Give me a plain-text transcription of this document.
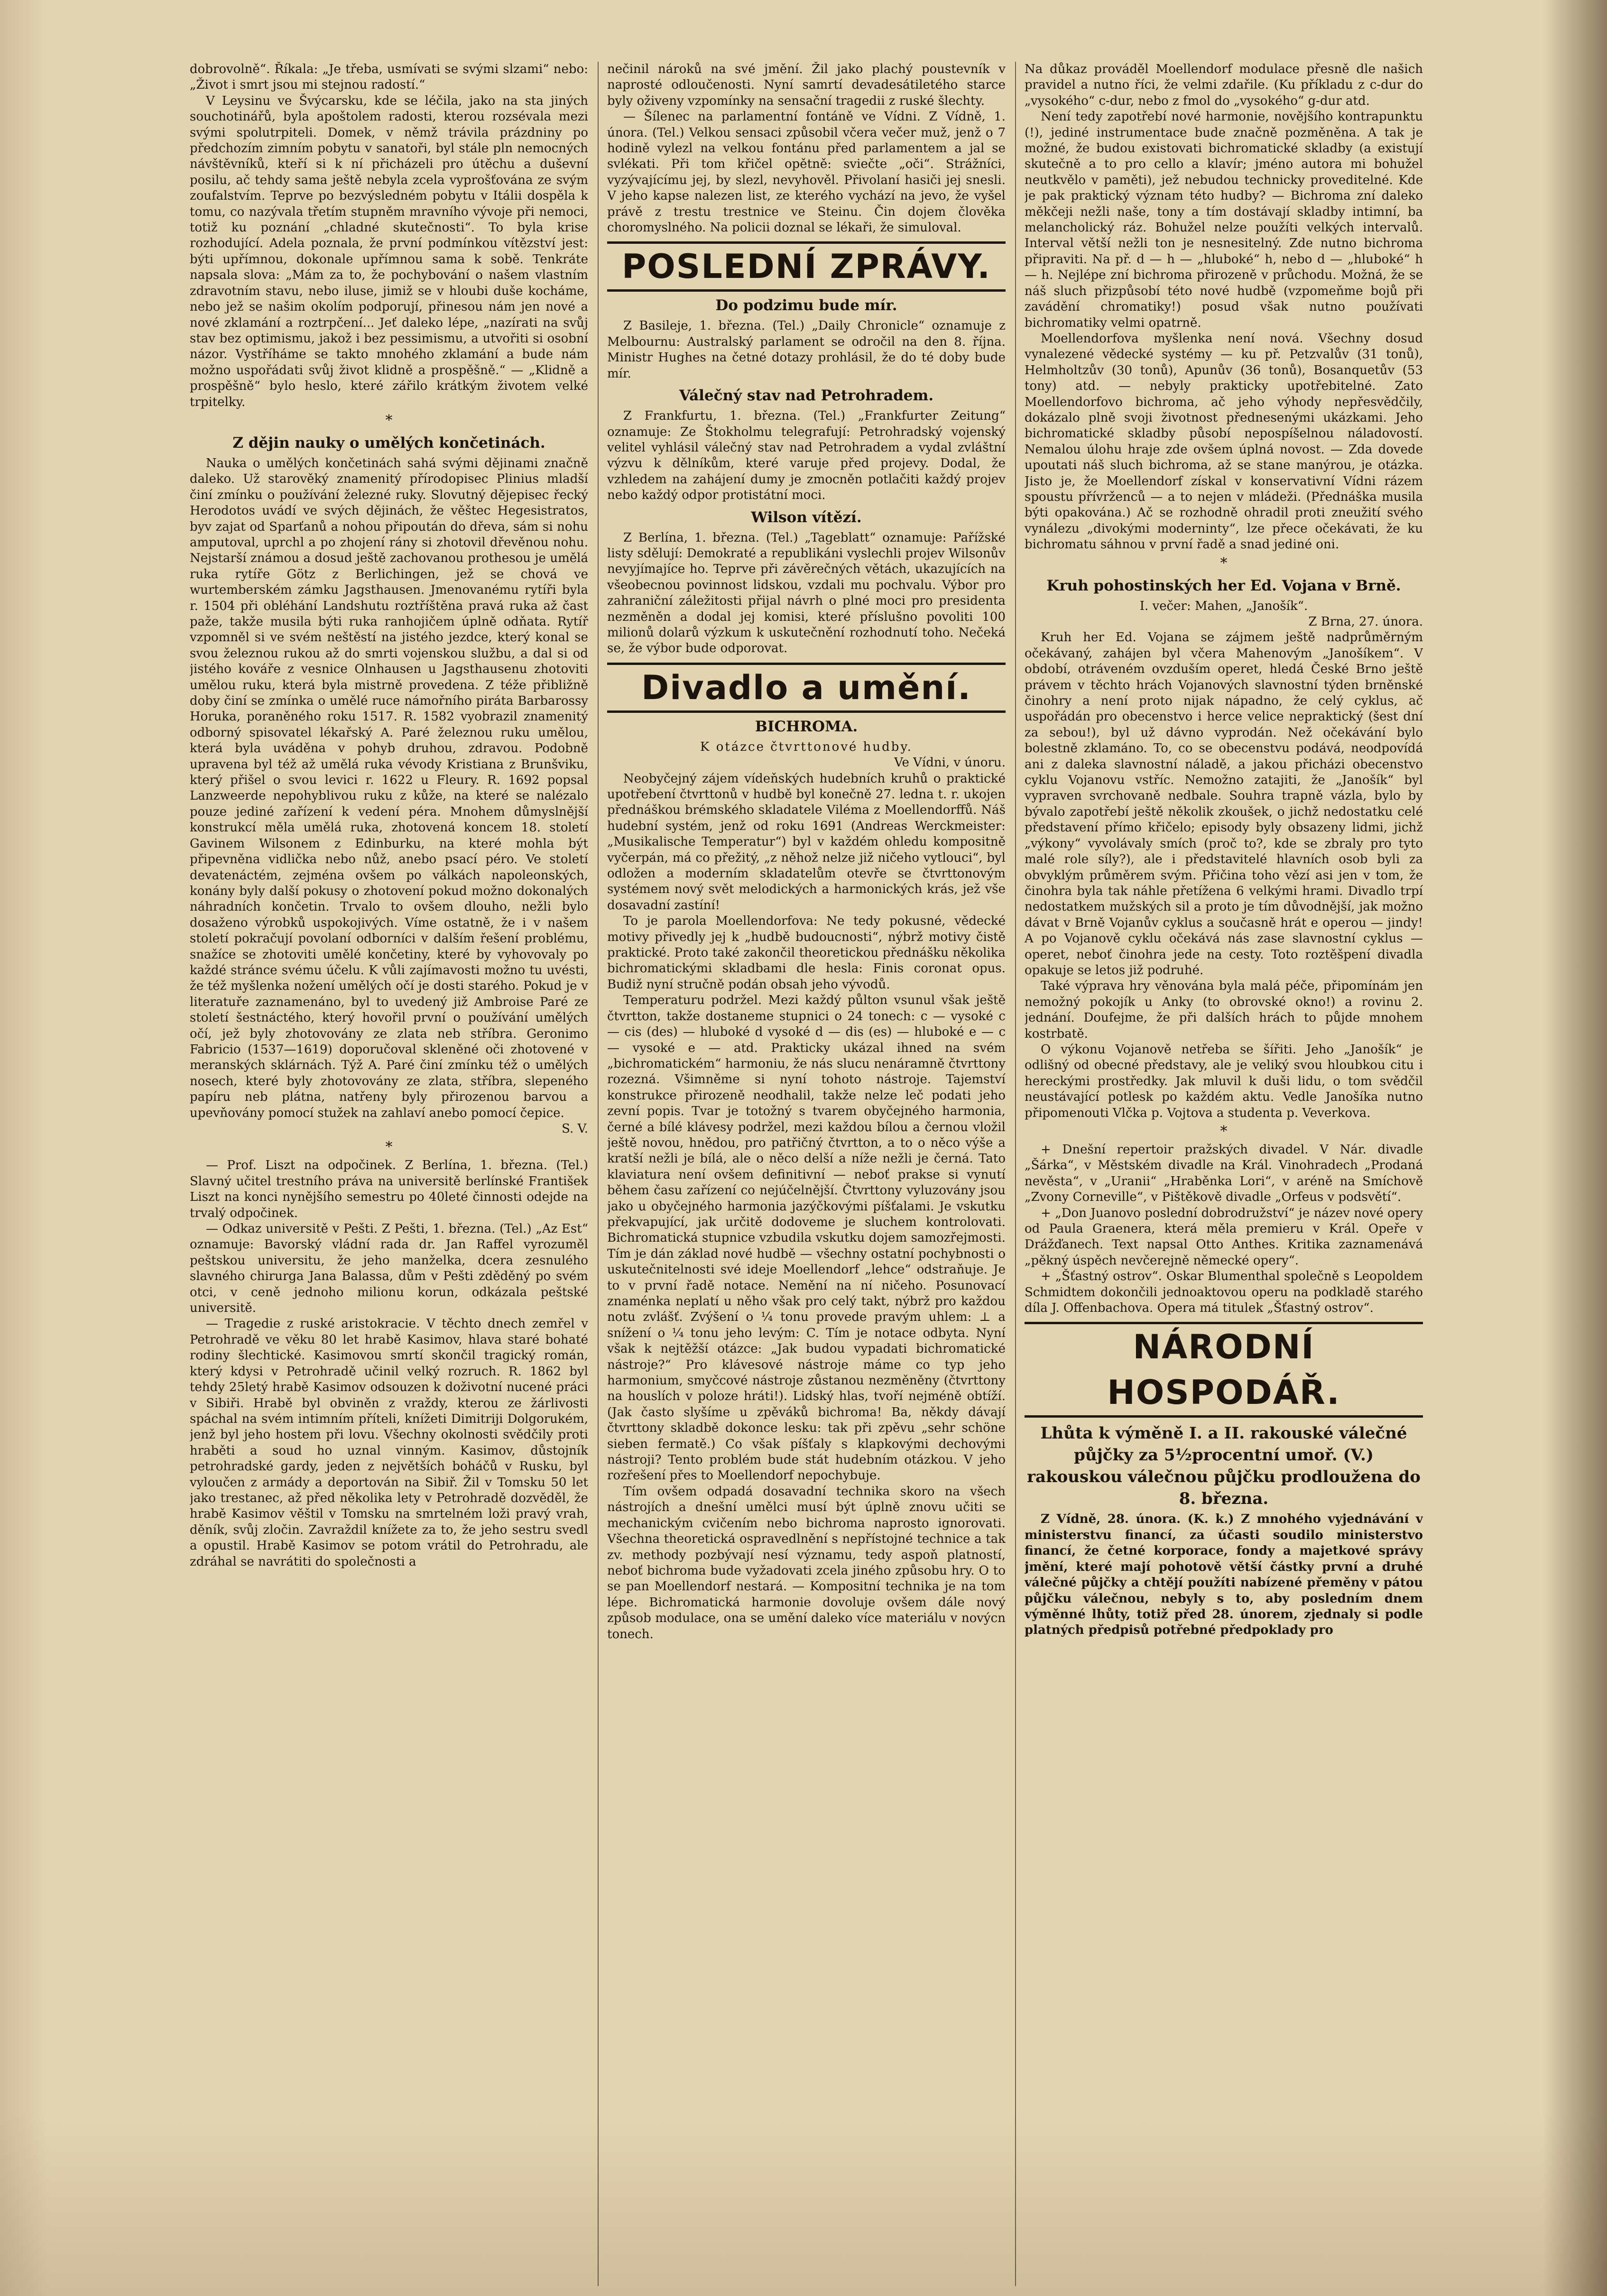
dobrovolně“. Říkala: „Je třeba, usmívati se svými slzami“ nebo: „Život i smrt jsou mi stejnou radostí.“

V Leysinu ve Švýcarsku, kde se léčila, jako na sta jiných souchotinářů, byla apoštolem radosti, kterou rozsévala mezi svými spolutrpiteli. Domek, v němž trávila prázdniny po předchozím zimním pobytu v sanatoři, byl stále pln nemocných návštěvníků, kteří si k ní přicházeli pro útěchu a duševní posilu, ač tehdy sama ještě nebyla zcela vyprošťována ze svým zoufalstvím. Teprve po bezvýsledném pobytu v Itálii dospěla k tomu, co nazývala třetím stupněm mravního vývoje při nemoci, totiž ku poznání „chladné skutečnosti“. To byla krise rozhodující. Adela poznala, že první podmínkou vítězství jest: býti upřímnou, dokonale upřímnou sama k sobě. Tenkráte napsala slova: „Mám za to, že pochybování o našem vlastním zdravotním stavu, nebo iluse, jimiž se v hloubi duše kocháme, nebo jež se našim okolím podporují, přinesou nám jen nové a nové zklamání a roztrpčení... Jeť daleko lépe, „nazírati na svůj stav bez optimismu, jakož i bez pessimismu, a utvořiti si osobní názor. Vystříháme se takto mnohého zklamání a bude nám možno uspořádati svůj život klidně a prospěšně.“ — „Klidně a prospěšně“ bylo heslo, které zářilo krátkým životem velké trpitelky.

*
Z dějin nauky o umělých končetinách.

Nauka o umělých končetinách sahá svými dějinami značně daleko. Už starověký znamenitý přírodopisec Plinius mladší činí zmínku o používání železné ruky. Slovutný dějepisec řecký Herodotos uvádí ve svých dějinách, že věštec Hegesistratos, byv zajat od Sparťanů a nohou připoután do dřeva, sám si nohu amputoval, uprchl a po zhojení rány si zhotovil dřevěnou nohu. Nejstarší známou a dosud ještě zachovanou prothesou je umělá ruka rytíře Götz z Berlichingen, jež se chová ve wurtemberském zámku Jagsthausen. Jmenovanému rytíři byla r. 1504 při obléhání Landshutu roztříštěna pravá ruka až čast paže, takže musila býti ruka ranhojičem úplně odňata. Rytíř vzpomněl si ve svém neštěstí na jistého jezdce, který konal se svou železnou rukou až do smrti vojenskou službu, a dal si od jistého kováře z vesnice Olnhausen u Jagsthausenu zhotoviti umělou ruku, která byla mistrně provedena. Z téže přibližně doby činí se zmínka o umělé ruce námořního piráta Barbarossy Horuka, poraněného roku 1517. R. 1582 vyobrazil znamenitý odborný spisovatel lékařský A. Paré železnou ruku umělou, která byla uváděna v pohyb druhou, zdravou. Podobně upravena byl též až umělá ruka vévody Kristiana z Brunšviku, který přišel o svou levici r. 1622 u Fleury. R. 1692 popsal Lanzweerde nepohyblivou ruku z kůže, na které se nalézalo pouze jediné zařízení k vedení péra. Mnohem důmyslnější konstrukcí měla umělá ruka, zhotovená koncem 18. století Gavinem Wilsonem z Edinburku, na které mohla být připevněna vidlička nebo nůž, anebo psací péro. Ve století devatenáctém, zejména ovšem po válkách napoleonských, konány byly další pokusy o zhotovení pokud možno dokonalých náhradních končetin. Trvalo to ovšem dlouho, nežli bylo dosaženo výrobků uspokojivých. Víme ostatně, že i v našem století pokračují povolaní odborníci v dalším řešení problému, snažíce se zhotoviti umělé končetiny, které by vyhovovaly po každé stránce svému účelu. K vůli zajímavosti možno tu uvésti, že též myšlenka nožení umělých očí je dosti starého. Pokud je v literatuře zaznamenáno, byl to uvedený již Ambroise Paré ze století šestnáctého, který hovořil první o používání umělých očí, jež byly zhotovovány ze zlata neb stříbra. Geronimo Fabricio (1537—1619) doporučoval skleněné oči zhotovené v meranských sklárnách. Týž A. Paré činí zmínku též o umělých nosech, které byly zhotovovány ze zlata, stříbra, slepeného papíru neb plátna, natřeny byly přirozenou barvou a upevňovány pomocí stužek na zahlaví anebo pomocí čepice.

S. V.

*

— Prof. Liszt na odpočinek. Z Berlína, 1. března. (Tel.) Slavný učitel trestního práva na universitě berlínské František Liszt na konci nynějšího semestru po 40leté činnosti odejde na trvalý odpočinek.

— Odkaz universitě v Pešti. Z Pešti, 1. března. (Tel.) „Az Est“ oznamuje: Bavorský vládní rada dr. Jan Raffel vyrozuměl peštskou universitu, že jeho manželka, dcera zesnulého slavného chirurga Jana Balassa, dům v Pešti zděděný po svém otci, v ceně jednoho milionu korun, odkázala peštské universitě.

— Tragedie z ruské aristokracie. V těchto dnech zemřel v Petrohradě ve věku 80 let hrabě Kasimov, hlava staré bohaté rodiny šlechtické. Kasimovou smrtí skončil tragický román, který kdysi v Petrohradě učinil velký rozruch. R. 1862 byl tehdy 25letý hrabě Kasimov odsouzen k doživotní nucené práci v Sibiři. Hrabě byl obviněn z vraždy, kterou ze žárlivosti spáchal na svém intimním příteli, knížeti Dimitriji Dolgorukém, jenž byl jeho hostem při lovu. Všechny okolnosti svědčily proti hraběti a soud ho uznal vinným. Kasimov, důstojník petrohradské gardy, jeden z největších boháčů v Rusku, byl vyloučen z armády a deportován na Sibiř. Žil v Tomsku 50 let jako trestanec, až před několika lety v Petrohradě dozvěděl, že hrabě Kasimov věštil v Tomsku na smrtelném loži pravý vrah, děník, svůj zločin. Zavraždil knížete za to, že jeho sestru svedl a opustil. Hrabě Kasimov se potom vrátil do Petrohradu, ale zdráhal se navrátiti do společnosti a

nečinil nároků na své jmění. Žil jako plachý poustevník v naprosté odloučenosti. Nyní samrtí devadesátiletého starce byly oživeny vzpomínky na sensační tragedii z ruské šlechty.

— Šílenec na parlamentní fontáně ve Vídni. Z Vídně, 1. února. (Tel.) Velkou sensaci způsobil včera večer muž, jenž o 7 hodině vylezl na velkou fontánu před parlamentem a jal se svlékati. Při tom křičel opětně: sviečte „oči“. Strážníci, vyzývajícímu jej, by slezl, nevyhověl. Přivolaní hasiči jej snesli. V jeho kapse nalezen list, ze kterého vychází na jevo, že vyšel právě z trestu trestnice ve Steinu. Čin dojem člověka choromyslného. Na policii doznal se lékaři, že simuloval.

POSLEDNÍ ZPRÁVY.
Do podzimu bude mír.

Z Basileje, 1. března. (Tel.) „Daily Chronicle“ oznamuje z Melbournu: Australský parlament se odročil na den 8. října. Ministr Hughes na četné dotazy prohlásil, že do té doby bude mír.

Válečný stav nad Petrohradem.

Z Frankfurtu, 1. března. (Tel.) „Frankfurter Zeitung“ oznamuje: Ze Štokholmu telegrafují: Petrohradský vojenský velitel vyhlásil válečný stav nad Petrohradem a vydal zvláštní výzvu k dělníkům, které varuje před projevy. Dodal, že vzhledem na zahájení dumy je zmocněn potlačiti každý projev nebo každý odpor protistátní moci.

Wilson vítězí.

Z Berlína, 1. března. (Tel.) „Tageblatt“ oznamuje: Pařížské listy sdělují: Demokraté a republikáni vyslechli projev Wilsonův nevyjímajíce ho. Teprve při závěrečných větách, ukazujících na všeobecnou povinnost lidskou, vzdali mu pochvalu. Výbor pro zahraniční záležitosti přijal návrh o plné moci pro presidenta nezměněn a dodal jej komisi, které příslušno povoliti 100 milionů dolarů výzkum k uskutečnění rozhodnutí toho. Nečeká se, že výbor bude odporovat.

Divadlo a umění.
BICHROMA.

K otázce čtvrttonové hudby.

Ve Vídni, v únoru.

Neobyčejný zájem vídeňských hudebních kruhů o praktické upotřebení čtvrttonů v hudbě byl konečně 27. ledna t. r. ukojen přednáškou brémského skladatele Viléma z Moellendorffů. Náš hudební systém, jenž od roku 1691 (Andreas Werckmeister: „Musikalische Temperatur“) byl v každém ohledu kompositně vyčerpán, má co přežitý, „z něhož nelze již ničeho vytlouci“, byl odložen a moderním skladatelům otevře se čtvrttonovým systémem nový svět melodických a harmonických krás, jež vše dosavadní zastíní!

To je parola Moellendorfova: Ne tedy pokusné, vědecké motivy přivedly jej k „hudbě budoucnosti“, nýbrž motivy čistě praktické. Proto také zakončil theoretickou přednášku několika bichromatickými skladbami dle hesla: Finis coronat opus. Budiž nyní stručně podán obsah jeho vývodů.

Temperaturu podržel. Mezi každý půlton vsunul však ještě čtvrtton, takže dostaneme stupnici o 24 tonech: c — vysoké c — cis (des) — hluboké d vysoké d — dis (es) — hluboké e — c — vysoké e — atd. Prakticky ukázal ihned na svém „bichromatickém“ harmoniu, že nás slucu nenáramně čtvrttony rozezná. Všimněme si nyní tohoto nástroje. Tajemství konstrukce přirozeně neodhalil, takže nelze leč podati jeho zevní popis. Tvar je totožný s tvarem obyčejného harmonia, černé a bílé klávesy podržel, mezi každou bílou a černou vložil ještě novou, hnědou, pro patřičný čtvrtton, a to o něco výše a kratší nežli je bílá, ale o něco delší a níže nežli je černá. Tato klaviatura není ovšem definitivní — neboť prakse si vynutí během času zařízení co nejúčelnější. Čtvrttony vyluzovány jsou jako u obyčejného harmonia jazýčkovými píšťalami. Je vskutku překvapující, jak určitě dodoveme je sluchem kontrolovati. Bichromatická stupnice vzbudila vskutku dojem samozřejmosti. Tím je dán základ nové hudbě — všechny ostatní pochybnosti o uskutečnitelnosti své ideje Moellendorf „lehce“ odstraňuje. Je to v první řadě notace. Nemění na ní ničeho. Posunovací znaménka neplatí u něho však pro celý takt, nýbrž pro každou notu zvlášť. Zvýšení o ¼ tonu provede pravým uhlem: ⊥ a snížení o ¼ tonu jeho levým: C. Tím je notace odbyta. Nyní však k nejtěžší otázce: „Jak budou vypadati bichromatické nástroje?“ Pro klávesové nástroje máme co typ jeho harmonium, smyčcové nástroje zůstanou nezměněny (čtvrttony na houslích v poloze hráti!). Lidský hlas, tvoří nejméně obtíží. (Jak často slyšíme u zpěváků bichroma! Ba, někdy dávají čtvrttony skladbě dokonce lesku: tak při zpěvu „sehr schöne sieben fermatě.) Co však píšťaly s klapkovými dechovými nástroji? Tento problém bude stát hudebním otázkou. V jeho rozřešení přes to Moellendorf nepochybuje.

Tím ovšem odpadá dosavadní technika skoro na všech nástrojích a dnešní umělci musí být úplně znovu učiti se mechanickým cvičením nebo bichroma naprosto ignorovati. Všechna theoretická ospravedlnění s nepřístojné technice a tak zv. methody pozbývají nesí významu, tedy aspoň platností, neboť bichroma bude vyžadovati zcela jiného způsobu hry. O to se pan Moellendorf nestará. — Kompositní technika je na tom lépe. Bichromatická harmonie dovoluje ovšem dále nový způsob modulace, ona se umění daleko více materiálu v novýcn tonech.

Na důkaz prováděl Moellendorf modulace přesně dle našich pravidel a nutno říci, že velmi zdařile. (Ku příkladu z c-dur do „vysokého“ c-dur, nebo z fmol do „vysokého“ g-dur atd.

Není tedy zapotřebí nové harmonie, novějšího kontrapunktu (!), jediné instrumentace bude značně pozměněna. A tak je možné, že budou existovati bichromatické skladby (a existují skutečně a to pro cello a klavír; jméno autora mi bohužel neutkvělo v paměti), jež nebudou technicky proveditelné. Kde je pak praktický význam této hudby? — Bichroma zní daleko měkčeji nežli naše, tony a tím dostávají skladby intimní, ba melancholický ráz. Bohužel nelze použíti velkých intervalů. Interval větší nežli ton je nesnesitelný. Zde nutno bichroma připraviti. Na př. d — h — „hluboké“ h, nebo d — „hluboké“ h — h. Nejlépe zní bichroma přirozeně v průchodu. Možná, že se náš sluch přizpůsobí této nové hudbě (vzpomeňme bojů při zavádění chromatiky!) posud však nutno používati bichromatiky velmi opatrně.

Moellendorfova myšlenka není nová. Všechny dosud vynalezené vědecké systémy — ku př. Petzvalův (31 tonů), Helmholtzův (30 tonů), Apunův (36 tonů), Bosanquetův (53 tony) atd. — nebyly prakticky upotřebitelné. Zato Moellendorfovo bichroma, ač jeho výhody nepřesvědčily, dokázalo plně svoji životnost přednesenými ukázkami. Jeho bichromatické skladby působí nepospíšelnou náladovostí. Nemalou úlohu hraje zde ovšem úplná novost. — Zda dovede upoutati náš sluch bichroma, až se stane manýrou, je otázka. Jisto je, že Moellendorf získal v konservativní Vídni rázem spoustu přívrženců — a to nejen v mládeži. (Přednáška musila býti opakována.) Ač se rozhodně ohradil proti zneužití svého vynálezu „divokými moderninty“, lze přece očekávati, že ku bichromatu sáhnou v první řadě a snad jediné oni.

*
Kruh pohostinských her Ed. Vojana v Brně.

I. večer: Mahen, „Janošík“.

Z Brna, 27. února.

Kruh her Ed. Vojana se zájmem ještě nadprůměrným očekávaný, zahájen byl včera Mahenovým „Janošíkem“. V období, otráveném ovzduším operet, hledá České Brno ještě právem v těchto hrách Vojanových slavnostní týden brněnské činohry a není proto nijak nápadno, že celý cyklus, ač uspořádán pro obecenstvo i herce velice nepraktický (šest dní za sebou!), byl už dávno vyprodán. Než očekávání bylo bolestně zklamáno. To, co se obecenstvu podává, neodpovídá ani z daleka slavnostní náladě, a jakou přicházi obecenstvo cyklu Vojanovu vstříc. Nemožno zatajiti, že „Janošík“ byl vypraven svrchovaně nedbale. Souhra trapně vázla, bylo by bývalo zapotřebí ještě několik zkoušek, o jichž nedostatku celé představení přímo křičelo; episody byly obsazeny lidmi, jichž „výkony“ vyvolávaly smích (proč to?, kde se zbraly pro tyto malé role síly?), ale i představitelé hlavních osob byli za obvyklým průměrem svým. Přičina toho vězí asi jen v tom, že činohra byla tak náhle přetížena 6 velkými hrami. Divadlo trpí nedostatkem mužských sil a proto je tím důvodnější, jak možno dávat v Brně Vojanův cyklus a současně hrát e operou — jindy! A po Vojanově cyklu očekává nás zase slavnostní cyklus — operet, neboť činohra jede na cesty. Toto roztěšpení divadla opakuje se letos již podruhé.

Také výprava hry věnována byla malá péče, připomínám jen nemožný pokojík u Anky (to obrovské okno!) a rovinu 2. jednání. Doufejme, že při dalších hrách to půjde mnohem kostrbatě.

O výkonu Vojanově netřeba se šířiti. Jeho „Janošík“ je odlišný od obecné představy, ale je veliký svou hloubkou citu i hereckými prostředky. Jak mluvil k duši lidu, o tom svědčil neustávající potlesk po každém aktu. Vedle Janošíka nutno připomenouti Vlčka p. Vojtova a studenta p. Veverkova.

*

+ Dnešní repertoir pražských divadel. V Nár. divadle „Šárka“, v Městském divadle na Král. Vinohradech „Prodaná nevěsta“, v „Uranii“ „Hraběnka Lori“, v aréně na Smíchově „Zvony Corneville“, v Pištěkově divadle „Orfeus v podsvětí“.

+ „Don Juanovo poslední dobrodružství“ je název nové opery od Paula Graenera, která měla premieru v Král. Opeře v Drážďanech. Text napsal Otto Anthes. Kritika zaznamenává „pěkný úspěch nevčerejně německé opery“.

+ „Šťastný ostrov“. Oskar Blumenthal společně s Leopoldem Schmidtem dokončili jednoaktovou operu na podkladě starého díla J. Offenbachova. Opera má titulek „Šťastný ostrov“.

NÁRODNÍ HOSPODÁŘ.
Lhůta k výměně I. a II. rakouské válečné půjčky za 5½procentní umoř. (V.) rakouskou válečnou půjčku prodloužena do 8. března.

Z Vídně, 28. února. (K. k.) Z mnohého vyjednávání v ministerstvu financí, za účasti soudilo ministerstvo financí, že četné korporace, fondy a majetkové správy jmění, které mají pohotově větší částky první a druhé válečné půjčky a chtějí použíti nabízené přeměny v pátou půjčku válečnou, nebyly s to, aby posledním dnem výměnné lhůty, totiž před 28. únorem, zjednaly si podle platných předpisů potřebné předpoklady pro
